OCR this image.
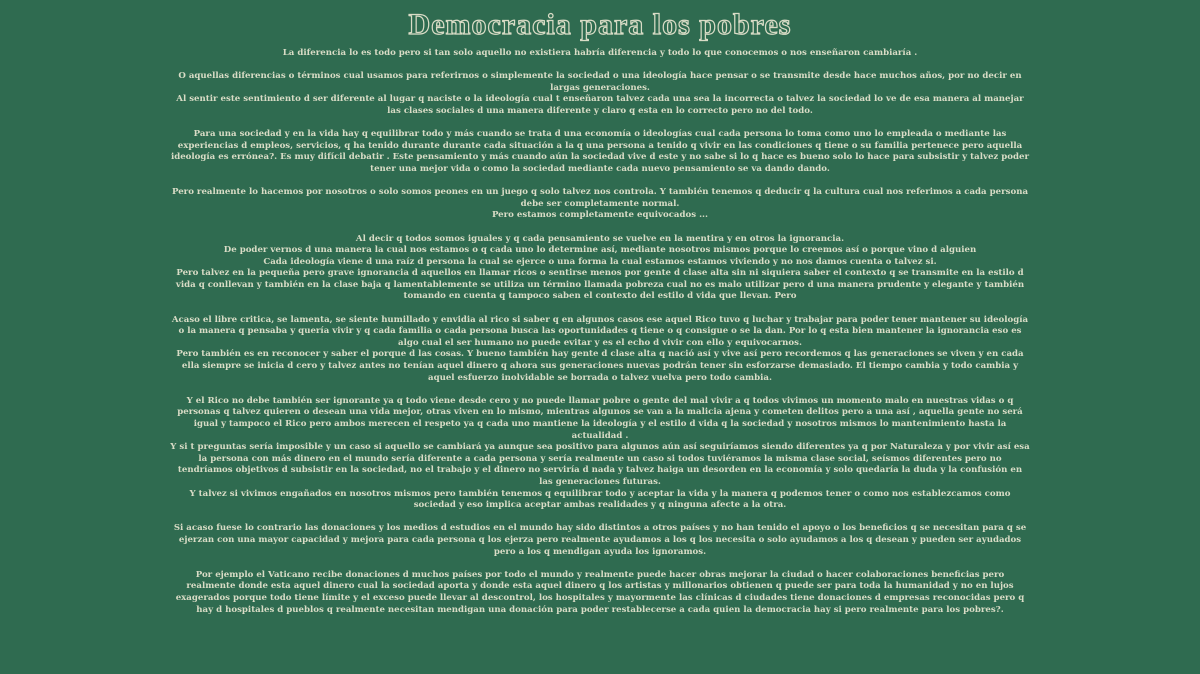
Democracia para los pobres

La diferencia lo es todo pero si tan solo aquello no existiera habría diferencia y todo lo que conocemos o nos enseñaron cambiaría .

O aquellas diferencias o términos cual usamos para referirnos o simplemente la sociedad o una ideología hace pensar o se transmite desde hace muchos años, por no decir en largas generaciones.

Al sentir este sentimiento d ser diferente al lugar q naciste o la ideología cual t enseñaron talvez cada una sea la incorrecta o talvez la sociedad lo ve de esa manera al manejar las clases sociales d una manera diferente y claro q esta en lo correcto pero no del todo.

Para una sociedad y en la vida hay q equilibrar todo y más cuando se trata d una economía o ideologías cual cada persona lo toma como uno lo empleada o mediante las experiencias d empleos, servicios, q ha tenido durante durante cada situación a la q una persona a tenido q vivir en las condiciones q tiene o su familia pertenece pero aquella ideología es errónea?. Es muy difícil debatir . Este pensamiento y más cuando aún la sociedad vive d este y no sabe si lo q hace es bueno solo lo hace para subsistir y talvez poder tener una mejor vida o como la sociedad mediante cada nuevo pensamiento se va dando dando.

Pero realmente lo hacemos por nosotros o solo somos peones en un juego q solo talvez nos controla. Y también tenemos q deducir q la cultura cual nos referimos a cada persona debe ser completamente normal.

Pero estamos completamente equivocados ...

Al decir q todos somos iguales y q cada pensamiento se vuelve en la mentira y en otros la ignorancia.

De poder vernos d una manera la cual nos estamos o q cada uno lo determine así, mediante nosotros mismos porque lo creemos así o porque vino d alguien

Cada ideología viene d una raíz d persona la cual se ejerce o una forma la cual estamos estamos viviendo y no nos damos cuenta o talvez si.

Pero talvez en la pequeña pero grave ignorancia d aquellos en llamar ricos o sentirse menos por gente d clase alta sin ni siquiera saber el contexto q se transmite en la estilo d vida q conllevan y también en la clase baja q lamentablemente se utiliza un término llamada pobreza cual no es malo utilizar pero d una manera prudente y elegante y también tomando en cuenta q tampoco saben el contexto del estilo d vida que llevan. Pero

Acaso el libre critica, se lamenta, se siente humillado y envidia al rico si saber q en algunos casos ese aquel Rico tuvo q luchar y trabajar para poder tener mantener su ideología o la manera q pensaba y quería vivir y q cada familia o cada persona busca las oportunidades q tiene o q consigue o se la dan. Por lo q esta bien mantener la ignorancia eso es algo cual el ser humano no puede evitar y es el echo d vivir con ello y equivocarnos.

Pero también es en reconocer y saber el porque d las cosas. Y bueno también hay gente d clase alta q nació así y vive así pero recordemos q las generaciones se viven y en cada ella siempre se inicia d cero y talvez antes no tenían aquel dinero q ahora sus generaciones nuevas podrán tener sin esforzarse demasiado. El tiempo cambia y todo cambia y aquel esfuerzo inolvidable se borrada o talvez vuelva pero todo cambia.

Y el Rico no debe también ser ignorante ya q todo viene desde cero y no puede llamar pobre o gente del mal vivir a q todos vivimos un momento malo en nuestras vidas o q personas q talvez quieren o desean una vida mejor, otras viven en lo mismo, mientras algunos se van a la malicia ajena y cometen delitos pero a una así , aquella gente no será igual y tampoco el Rico pero ambos merecen el respeto ya q cada uno mantiene la ideología y el estilo d vida q la sociedad y nosotros mismos lo mantenimiento hasta la actualidad .

Y si t preguntas sería imposible y un caso si aquello se cambiará ya aunque sea positivo para algunos aún así seguiríamos siendo diferentes ya q por Naturaleza y por vivir así esa la persona con más dinero en el mundo sería diferente a cada persona y sería realmente un caso si todos tuviéramos la misma clase social, seísmos diferentes pero no tendríamos objetivos d subsistir en la sociedad, no el trabajo y el dinero no serviría d nada y talvez haiga un desorden en la economía y solo quedaría la duda y la confusión en las generaciones futuras.

Y talvez si vivimos engañados en nosotros mismos pero también tenemos q equilibrar todo y aceptar la vida y la manera q podemos tener o como nos establezcamos como sociedad y eso implica aceptar ambas realidades y q ninguna afecte a la otra.

Si acaso fuese lo contrario las donaciones y los medios d estudios en el mundo hay sido distintos a otros países y no han tenido el apoyo o los beneficios q se necesitan para q se ejerzan con una mayor capacidad y mejora para cada persona q los ejerza pero realmente ayudamos a los q los necesita o solo ayudamos a los q desean y pueden ser ayudados pero a los q mendigan ayuda los ignoramos.

Por ejemplo el Vaticano recibe donaciones d muchos países por todo el mundo y realmente puede hacer obras mejorar la ciudad o hacer colaboraciones beneficias pero realmente donde esta aquel dinero cual la sociedad aporta y donde esta aquel dinero q los artistas y millonarios obtienen q puede ser para toda la humanidad y no en lujos exagerados porque todo tiene límite y el exceso puede llevar al descontrol, los hospitales y mayormente las clínicas d ciudades tiene donaciones d empresas reconocidas pero q hay d hospitales d pueblos q realmente necesitan mendigan una donación para poder restablecerse a cada quien la democracia hay si pero realmente para los pobres?.
